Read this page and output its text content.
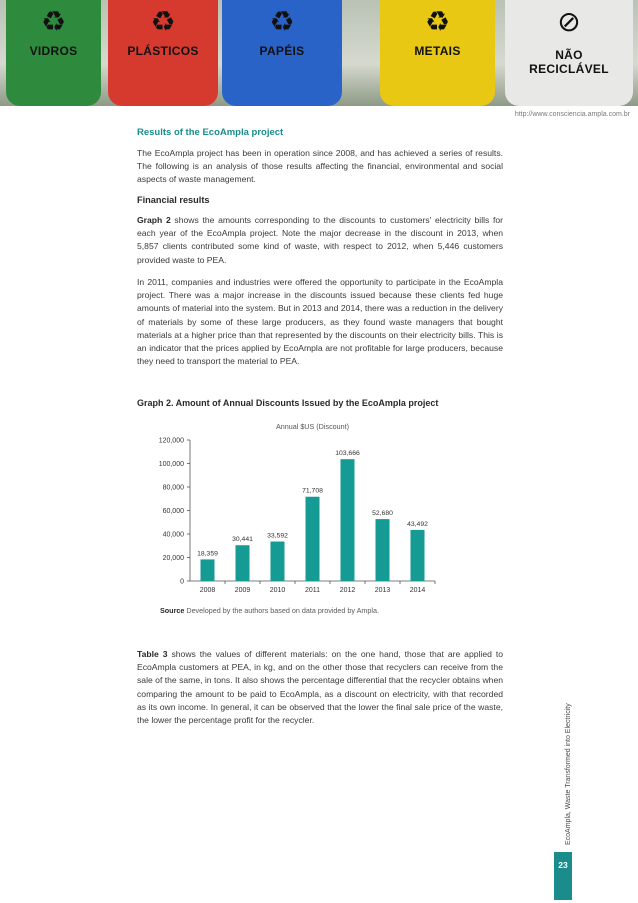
♻
VIDROS
♻
PLÁSTICOS
♻
PAPÉIS
♻
METAIS
⊘
NÃO
RECICLÁVEL
http://www.consciencia.ampla.com.br
Results of the EcoAmpla project
The EcoAmpla project has been in operation since 2008, and has achieved a series of results. The following is an analysis of those results affecting the financial, environmental and social aspects of waste management.
Financial results
Graph 2 shows the amounts corresponding to the discounts to customers' electricity bills for each year of the EcoAmpla project. Note the major decrease in the discount in 2013, when 5,857 clients contributed some kind of waste, with respect to 2012, when 5,446 customers provided waste to PEA.
In 2011, companies and industries were offered the opportunity to participate in the EcoAmpla project. There was a major increase in the discounts issued because these clients fed huge amounts of material into the system. But in 2013 and 2014, there was a reduction in the delivery of materials by some of these large producers, as they found waste managers that bought materials at a higher price than that represented by the discounts on their electricity bills. This is an indicator that the prices applied by EcoAmpla are not profitable for large producers, because they need to transport the material to PEA.
Graph 2. Amount of Annual Discounts Issued by the EcoAmpla project
Annual $US (Discount)
0
20,000
40,000
60,000
80,000
100,000
120,000
18,359
2008
30,441
2009
33,592
2010
71,708
2011
103,666
2012
52,680
2013
43,492
2014
Source Developed by the authors based on data provided by Ampla.
Table 3 shows the values of different materials: on the one hand, those that are applied to EcoAmpla customers at PEA, in kg, and on the other those that recyclers can receive from the sale of the same, in tons. It also shows the percentage differential that the recycler obtains when comparing the amount to be paid to EcoAmpla, as a discount on electricity, with that recorded as its own income. In general, it can be observed that the lower the final sale price of the waste, the lower the percentage profit for the recycler.	EcoAmpla, Waste Transformed into Electricity
23
